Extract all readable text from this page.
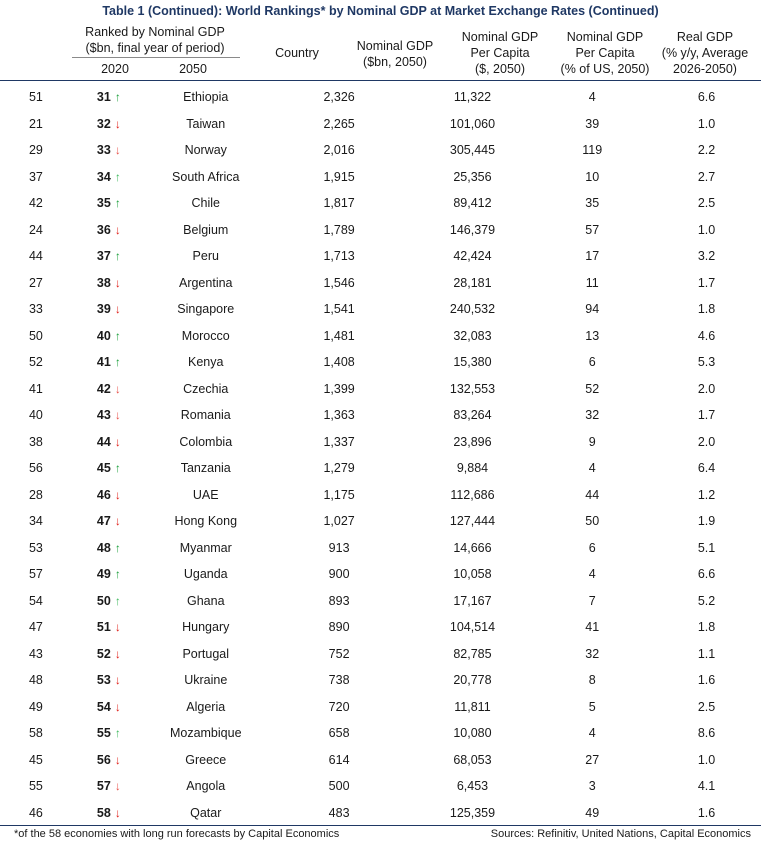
Table 1 (Continued): World Rankings* by Nominal GDP at Market Exchange Rates (Continued)
Ranked by Nominal GDP
($bn, final year of period)
2020	2050
Country	Nominal GDP
($bn, 2050)
Nominal GDP
Per Capita
($, 2050)
Nominal GDP
Per Capita
(% of US, 2050)
Real GDP
(% y/y, Average
2026-2050)
51	31 ↑	Ethiopia	2,326	11,322	4	6.6
21	32 ↓	Taiwan	2,265	101,060	39	1.0
29	33 ↓	Norway	2,016	305,445	119	2.2
37	34 ↑	South Africa	1,915	25,356	10	2.7
42	35 ↑	Chile	1,817	89,412	35	2.5
24	36 ↓	Belgium	1,789	146,379	57	1.0
44	37 ↑	Peru	1,713	42,424	17	3.2
27	38 ↓	Argentina	1,546	28,181	11	1.7
33	39 ↓	Singapore	1,541	240,532	94	1.8
50	40 ↑	Morocco	1,481	32,083	13	4.6
52	41 ↑	Kenya	1,408	15,380	6	5.3
41	42 ↓	Czechia	1,399	132,553	52	2.0
40	43 ↓	Romania	1,363	83,264	32	1.7
38	44 ↓	Colombia	1,337	23,896	9	2.0
56	45 ↑	Tanzania	1,279	9,884	4	6.4
28	46 ↓	UAE	1,175	112,686	44	1.2
34	47 ↓	Hong Kong	1,027	127,444	50	1.9
53	48 ↑	Myanmar	913	14,666	6	5.1
57	49 ↑	Uganda	900	10,058	4	6.6
54	50 ↑	Ghana	893	17,167	7	5.2
47	51 ↓	Hungary	890	104,514	41	1.8
43	52 ↓	Portugal	752	82,785	32	1.1
48	53 ↓	Ukraine	738	20,778	8	1.6
49	54 ↓	Algeria	720	11,811	5	2.5
58	55 ↑	Mozambique	658	10,080	4	8.6
45	56 ↓	Greece	614	68,053	27	1.0
55	57 ↓	Angola	500	6,453	3	4.1
46	58 ↓	Qatar	483	125,359	49	1.6
*of the 58 economies with long run forecasts by Capital Economics	Sources: Refinitiv, United Nations, Capital Economics
